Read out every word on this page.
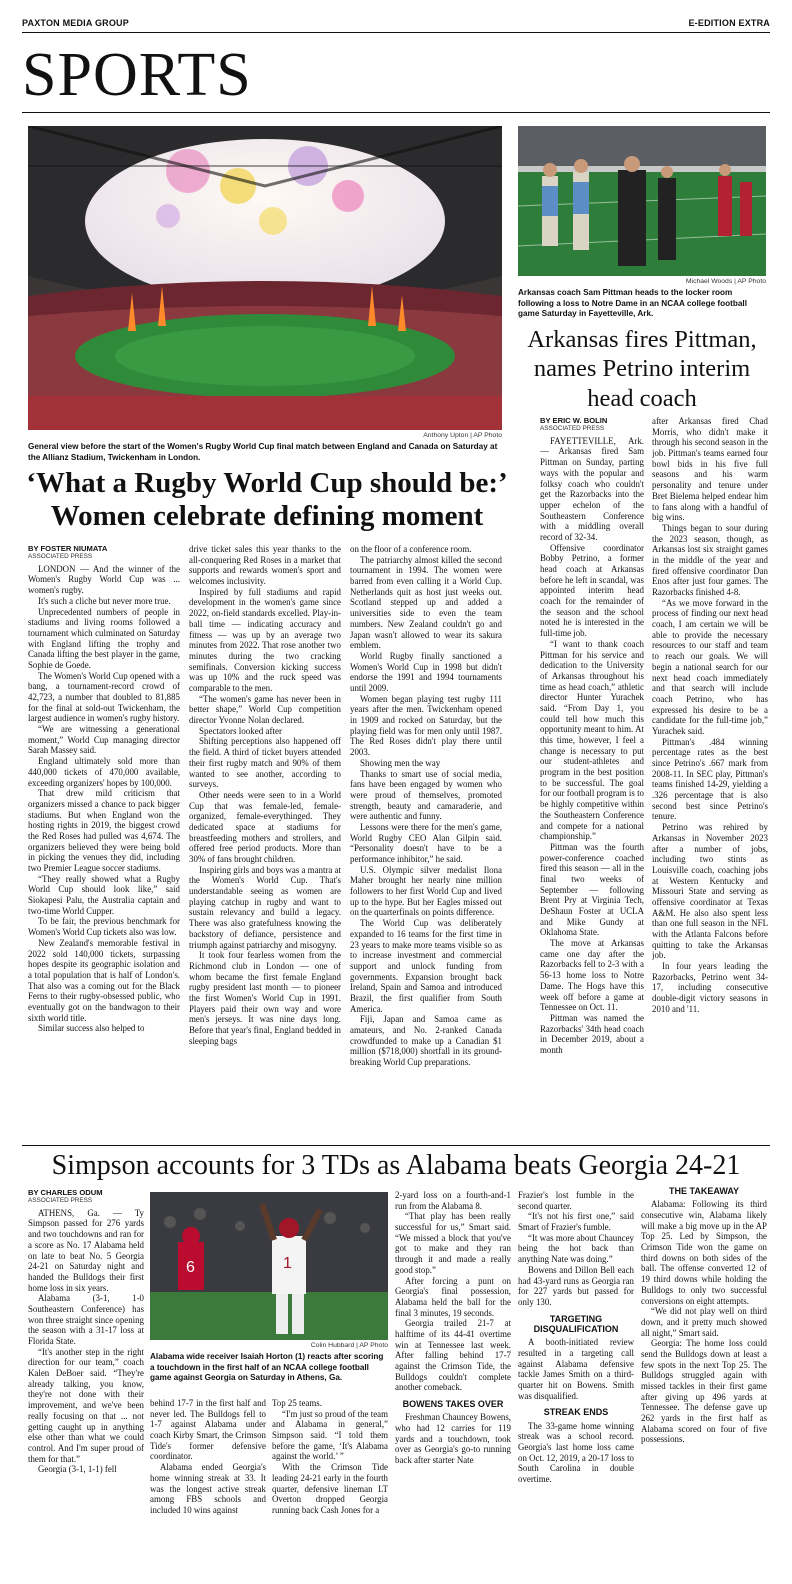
PAXTON MEDIA GROUP	E-EDITION EXTRA
SPORTS
Anthony Upton | AP Photo
General view before the start of the Women's Rugby World Cup final match between England and Canada on Saturday at the Allianz Stadium, Twickenham in London.
‘What a Rugby World Cup should be:’
Women celebrate defining moment
BY FOSTER NIUMATA
ASSOCIATED PRESS

LONDON — And the winner of the Women's Rugby World Cup was ... women's rugby.

It's such a cliche but never more true.

Unprecedented numbers of people in stadiums and living rooms followed a tournament which culminated on Saturday with England lifting the trophy and Canada lifting the best player in the game, Sophie de Goede.

The Women's World Cup opened with a bang, a tournament-record crowd of 42,723, a number that doubled to 81,885 for the final at sold-out Twickenham, the largest audience in women's rugby history.

“We are witnessing a generational moment,” World Cup managing director Sarah Massey said.

England ultimately sold more than 440,000 tickets of 470,000 available, exceeding organizers' hopes by 100,000.

That drew mild criticism that organizers missed a chance to pack bigger stadiums. But when England won the hosting rights in 2019, the biggest crowd the Red Roses had pulled was 4,674. The organizers believed they were being bold in picking the venues they did, including two Premier League soccer stadiums.

“They really showed what a Rugby World Cup should look like,” said Siokapesi Palu, the Australia captain and two-time World Cupper.

To be fair, the previous benchmark for Women's World Cup tickets also was low.

New Zealand's memorable festival in 2022 sold 140,000 tickets, surpassing hopes despite its geographic isolation and a total population that is half of London's. That also was a coming out for the Black Ferns to their rugby-obsessed public, who eventually got on the bandwagon to their sixth world title.

Similar success also helped to

drive ticket sales this year thanks to the all-conquering Red Roses in a market that supports and rewards women's sport and welcomes inclusivity.

Inspired by full stadiums and rapid development in the women's game since 2022, on-field standards excelled. Play-in-ball time — indicating accuracy and fitness — was up by an average two minutes from 2022. That rose another two minutes during the two cracking semifinals. Conversion kicking success was up 10% and the ruck speed was comparable to the men.

“The women's game has never been in better shape,” World Cup competition director Yvonne Nolan declared.

Spectators looked after

Shifting perceptions also happened off the field. A third of ticket buyers attended their first rugby match and 90% of them wanted to see another, according to surveys.

Other needs were seen to in a World Cup that was female-led, female-organized, female-everythinged. They dedicated space at stadiums for breastfeeding mothers and strollers, and offered free period products. More than 30% of fans brought children.

Inspiring girls and boys was a mantra at the Women's World Cup. That's understandable seeing as women are playing catchup in rugby and want to sustain relevancy and build a legacy. There was also gratefulness knowing the backstory of defiance, persistence and triumph against patriarchy and misogyny.

It took four fearless women from the Richmond club in London — one of whom became the first female England rugby president last month — to pioneer the first Women's World Cup in 1991. Players paid their own way and wore men's jerseys. It was nine days long. Before that year's final, England bedded in sleeping bags

on the floor of a conference room.

The patriarchy almost killed the second tournament in 1994. The women were barred from even calling it a World Cup. Netherlands quit as host just weeks out. Scotland stepped up and added a universities side to even the team numbers. New Zealand couldn't go and Japan wasn't allowed to wear its sakura emblem.

World Rugby finally sanctioned a Women's World Cup in 1998 but didn't endorse the 1991 and 1994 tournaments until 2009.

Women began playing test rugby 111 years after the men. Twickenham opened in 1909 and rocked on Saturday, but the playing field was for men only until 1987. The Red Roses didn't play there until 2003.

Showing men the way

Thanks to smart use of social media, fans have been engaged by women who were proud of themselves, promoted strength, beauty and camaraderie, and were authentic and funny.

Lessons were there for the men's game, World Rugby CEO Alan Gilpin said. “Personality doesn't have to be a performance inhibitor,” he said.

U.S. Olympic silver medalist Ilona Maher brought her nearly nine million followers to her first World Cup and lived up to the hype. But her Eagles missed out on the quarterfinals on points difference.

The World Cup was deliberately expanded to 16 teams for the first time in 23 years to make more teams visible so as to increase investment and commercial support and unlock funding from governments. Expansion brought back Ireland, Spain and Samoa and introduced Brazil, the first qualifier from South America.

Fiji, Japan and Samoa came as amateurs, and No. 2-ranked Canada crowdfunded to make up a Canadian $1 million ($718,000) shortfall in its ground-breaking World Cup preparations.

Michael Woods | AP Photo
Arkansas coach Sam Pittman heads to the locker room following a loss to Notre Dame in an NCAA college football game Saturday in Fayetteville, Ark.
Arkansas fires Pittman, names Petrino interim head coach
BY ERIC W. BOLIN
ASSOCIATED PRESS

FAYETTEVILLE, Ark. — Arkansas fired Sam Pittman on Sunday, parting ways with the popular and folksy coach who couldn't get the Razorbacks into the upper echelon of the Southeastern Conference with a middling overall record of 32-34.

Offensive coordinator Bobby Petrino, a former head coach at Arkansas before he left in scandal, was appointed interim head coach for the remainder of the season and the school noted he is interested in the full-time job.

“I want to thank coach Pittman for his service and dedication to the University of Arkansas throughout his time as head coach,” athletic director Hunter Yurachek said. “From Day 1, you could tell how much this opportunity meant to him. At this time, however, I feel a change is necessary to put our student-athletes and program in the best position to be successful. The goal for our football program is to be highly competitive within the Southeastern Conference and compete for a national championship.”

Pittman was the fourth power-conference coached fired this season — all in the final two weeks of September — following Brent Pry at Virginia Tech, DeShaun Foster at UCLA and Mike Gundy at Oklahoma State.

The move at Arkansas came one day after the Razorbacks fell to 2-3 with a 56-13 home loss to Notre Dame. The Hogs have this week off before a game at Tennessee on Oct. 11.

Pittman was named the Razorbacks' 34th head coach in December 2019, about a month

after Arkansas fired Chad Morris, who didn't make it through his second season in the job. Pittman's teams earned four bowl bids in his five full seasons and his warm personality and tenure under Bret Bielema helped endear him to fans along with a handful of big wins.

Things began to sour during the 2023 season, though, as Arkansas lost six straight games in the middle of the year and fired offensive coordinator Dan Enos after just four games. The Razorbacks finished 4-8.

“As we move forward in the process of finding our next head coach, I am certain we will be able to provide the necessary resources to our staff and team to reach our goals. We will begin a national search for our next head coach immediately and that search will include coach Petrino, who has expressed his desire to be a candidate for the full-time job,” Yurachek said.

Pittman's .484 winning percentage rates as the best since Petrino's .667 mark from 2008-11. In SEC play, Pittman's teams finished 14-29, yielding a .326 percentage that is also second best since Petrino's tenure.

Petrino was rehired by Arkansas in November 2023 after a number of jobs, including two stints as Louisville coach, coaching jobs at Western Kentucky and Missouri State and serving as offensive coordinator at Texas A&M. He also also spent less than one full season in the NFL with the Atlanta Falcons before quitting to take the Arkansas job.

In four years leading the Razorbacks, Petrino went 34-17, including consecutive double-digit victory seasons in 2010 and '11.

Simpson accounts for 3 TDs as Alabama beats Georgia 24-21
BY CHARLES ODUM
ASSOCIATED PRESS

ATHENS, Ga. — Ty Simpson passed for 276 yards and two touchdowns and ran for a score as No. 17 Alabama held on late to beat No. 5 Georgia 24-21 on Saturday night and handed the Bulldogs their first home loss in six years.

Alabama (3-1, 1-0 Southeastern Conference) has won three straight since opening the season with a 31-17 loss at Florida State.

“It's another step in the right direction for our team,” coach Kalen DeBoer said. “They're already talking, you know, they're not done with their improvement, and we've been really focusing on that ... not getting caught up in anything else other than what we could control. And I'm super proud of them for that.”

Georgia (3-1, 1-1) fell

6	1
Colin Hubbard | AP Photo
Alabama wide receiver Isaiah Horton (1) reacts after scoring a touchdown in the first half of an NCAA college football game against Georgia on Saturday in Athens, Ga.

behind 17-7 in the first half and never led. The Bulldogs fell to 1-7 against Alabama under coach Kirby Smart, the Crimson Tide's former defensive coordinator.

Alabama ended Georgia's home winning streak at 33. It was the longest active streak among FBS schools and included 10 wins against

Top 25 teams.

“I'm just so proud of the team and Alabama in general,” Simpson said. “I told them before the game, ‘It's Alabama against the world.’ ”

With the Crimson Tide leading 24-21 early in the fourth quarter, defensive lineman LT Overton dropped Georgia running back Cash Jones for a

2-yard loss on a fourth-and-1 run from the Alabama 8.

“That play has been really successful for us,” Smart said. “We missed a block that you've got to make and they ran through it and made a really good stop.”

After forcing a punt on Georgia's final possession, Alabama held the ball for the final 3 minutes, 19 seconds.

Georgia trailed 21-7 at halftime of its 44-41 overtime win at Tennessee last week. After falling behind 17-7 against the Crimson Tide, the Bulldogs couldn't complete another comeback.

BOWENS TAKES OVER

Freshman Chauncey Bowens, who had 12 carries for 119 yards and a touchdown, took over as Georgia's go-to running back after starter Nate

Frazier's lost fumble in the second quarter.

“It's not his first one,” said Smart of Frazier's fumble.

“It was more about Chauncey being the hot back than anything Nate was doing.”

Bowens and Dillon Bell each had 43-yard runs as Georgia ran for 227 yards but passed for only 130.

TARGETING DISQUALIFICATION

A booth-initiated review resulted in a targeting call against Alabama defensive tackle James Smith on a third-quarter hit on Bowens. Smith was disqualified.

STREAK ENDS

The 33-game home winning streak was a school record. Georgia's last home loss came on Oct. 12, 2019, a 20-17 loss to South Carolina in double overtime.

THE TAKEAWAY

Alabama: Following its third consecutive win, Alabama likely will make a big move up in the AP Top 25. Led by Simpson, the Crimson Tide won the game on third downs on both sides of the ball. The offense converted 12 of 19 third downs while holding the Bulldogs to only two successful conversions on eight attempts.

“We did not play well on third down, and it pretty much showed all night,” Smart said.

Georgia: The home loss could send the Bulldogs down at least a few spots in the next Top 25. The Bulldogs struggled again with missed tackles in their first game after giving up 496 yards at Tennessee. The defense gave up 262 yards in the first half as Alabama scored on four of five possessions.
